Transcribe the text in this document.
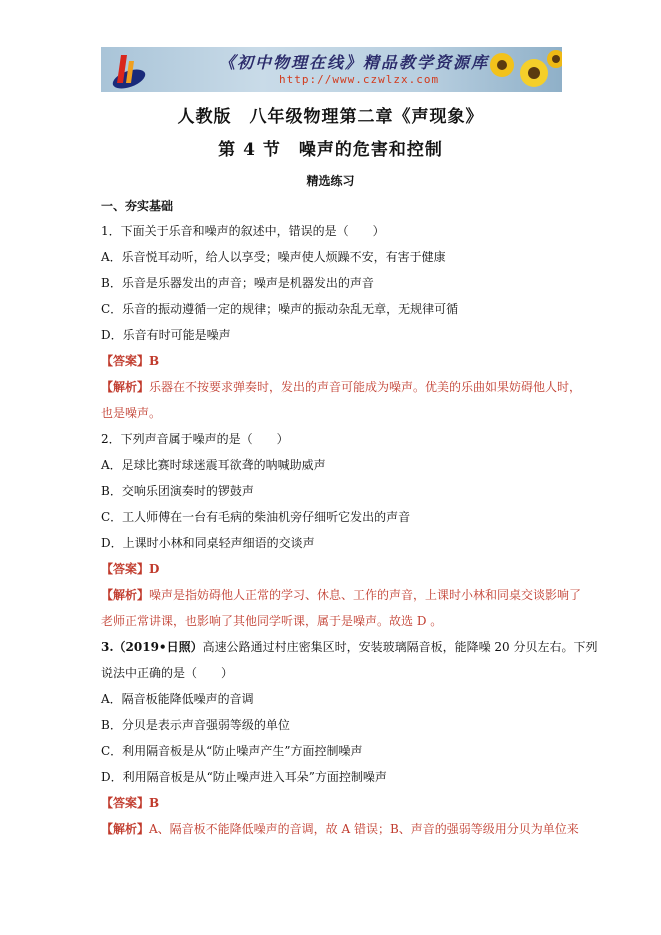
《初中物理在线》精品教学资源库
http://www.czwlzx.com
人教版　八年级物理第二章《声现象》
第 4 节　噪声的危害和控制
精选练习
一、夯实基础
1．下面关于乐音和噪声的叙述中，错误的是（　　）
A．乐音悦耳动听，给人以享受；噪声使人烦躁不安，有害于健康
B．乐音是乐器发出的声音；噪声是机器发出的声音
C．乐音的振动遵循一定的规律；噪声的振动杂乱无章，无规律可循
D．乐音有时可能是噪声
【答案】B
【解析】乐器在不按要求弹奏时，发出的声音可能成为噪声。优美的乐曲如果妨碍他人时，
也是噪声。
2．下列声音属于噪声的是（　　）
A．足球比赛时球迷震耳欲聋的呐喊助威声
B．交响乐团演奏时的锣鼓声
C．工人师傅在一台有毛病的柴油机旁仔细听它发出的声音
D．上课时小林和同桌轻声细语的交谈声
【答案】D
【解析】噪声是指妨碍他人正常的学习、休息、工作的声音，上课时小林和同桌交谈影响了
老师正常讲课，也影响了其他同学听课，属于是噪声。故选 D 。
3.（2019•日照）高速公路通过村庄密集区时，安装玻璃隔音板，能降噪 20 分贝左右。下列
说法中正确的是（　　）
A．隔音板能降低噪声的音调
B．分贝是表示声音强弱等级的单位
C．利用隔音板是从“防止噪声产生”方面控制噪声
D．利用隔音板是从“防止噪声进入耳朵”方面控制噪声
【答案】B
【解析】A、隔音板不能降低噪声的音调，故 A 错误；B、声音的强弱等级用分贝为单位来
